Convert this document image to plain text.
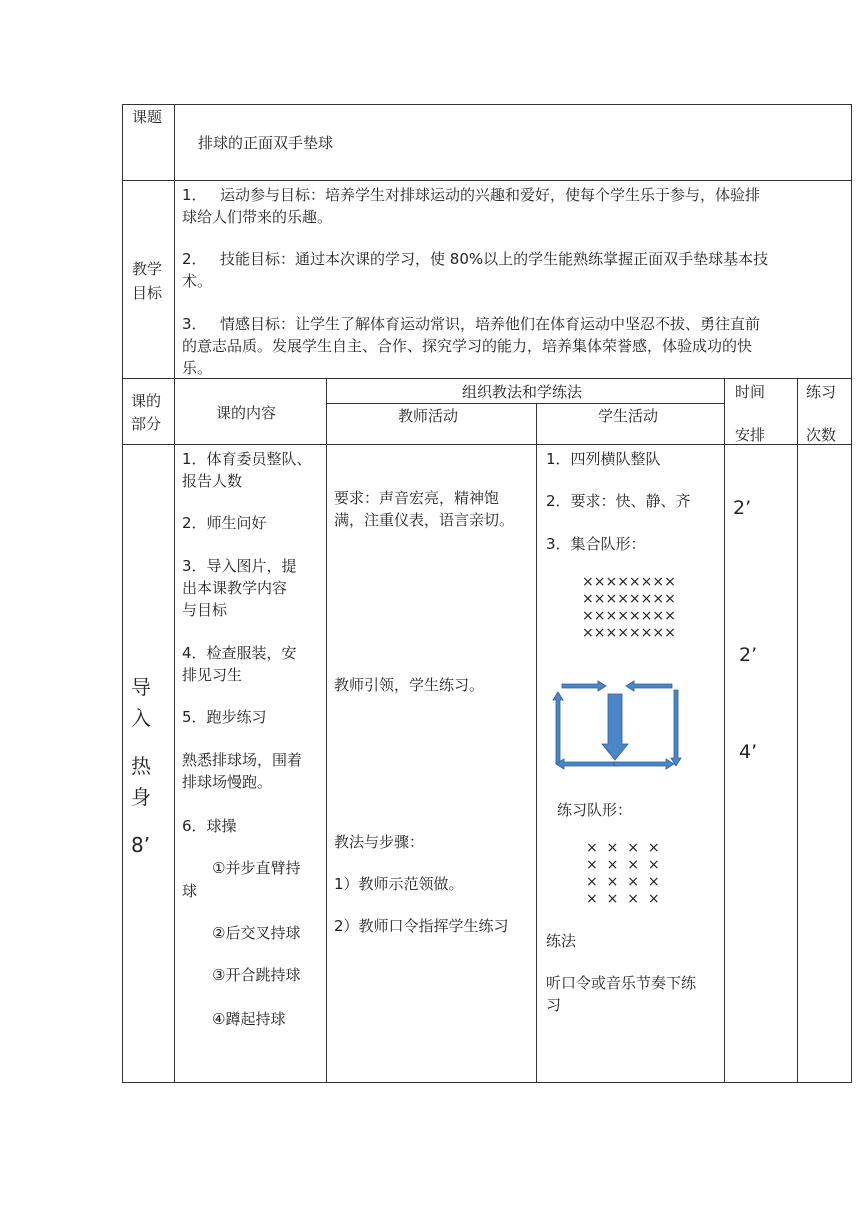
课题
排球的正面双手垫球
教学
目标
1． 运动参与目标：培养学生对排球运动的兴趣和爱好，使每个学生乐于参与，体验排
球给人们带来的乐趣。
2． 技能目标：通过本次课的学习，使 80%以上的学生能熟练掌握正面双手垫球基本技
术。
3． 情感目标：让学生了解体育运动常识，培养他们在体育运动中坚忍不拔、勇往直前
的意志品质。发展学生自主、合作、探究学习的能力，培养集体荣誉感，体验成功的快
乐。
课的
部分
课的内容
组织教法和学练法
教师活动	学生活动
时间
安排
练习
次数
导
入
热
身
8’
1．体育委员整队、
报告人数
2．师生问好
3．导入图片，提
出本课教学内容
与目标
4．检查服装，安
排见习生
5．跑步练习
熟悉排球场，围着
排球场慢跑。
6．球操
①并步直臂持
球
②后交叉持球
③开合跳持球
④蹲起持球
要求：声音宏亮，精神饱
满，注重仪表，语言亲切。
教师引领，学生练习。
教法与步骤：
1）教师示范领做。
2）教师口令指挥学生练习
1．四列横队整队
2．要求：快、静、齐
3．集合队形：
××××××××
××××××××
××××××××
××××××××
练习队形：
×  ×  ×  ×
×  ×  ×  ×
×  ×  ×  ×
×  ×  ×  ×
练法
听口令或音乐节奏下练
习
2’
2’
4’
